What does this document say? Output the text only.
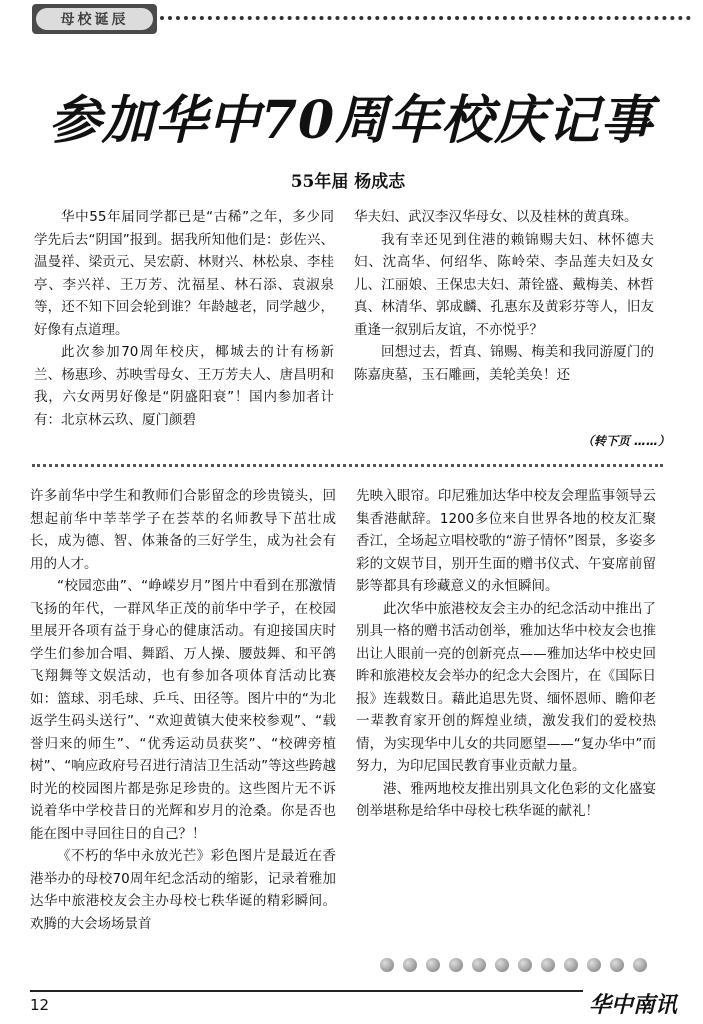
母校诞辰
参加华中70周年校庆记事
55年届 杨成志

华中55年届同学都已是“古稀”之年，多少同学先后去“阴国”报到。据我所知他们是：彭佐兴、温曼祥、梁贡元、吴宏蔚、林财兴、林松泉、李桂亭、李兴祥、王万芳、沈福星、林石添、袁淑泉等，还不知下回会轮到谁？年龄越老，同学越少，好像有点道理。

此次参加70周年校庆，椰城去的计有杨新兰、杨惠珍、苏映雪母女、王万芳夫人、唐昌明和我，六女两男好像是“阴盛阳衰”！国内参加者计有：北京林云玖、厦门颜碧

华夫妇、武汉李汉华母女、以及桂林的黄真珠。

我有幸还见到住港的赖锦赐夫妇、林怀德夫妇、沈高华、何绍华、陈岭荣、李品莲夫妇及女儿、江丽娘、王保忠夫妇、萧铨盛、戴梅美、林哲真、林清华、郭成麟、孔惠东及黄彩芬等人，旧友重逢一叙别后友谊，不亦悦乎？

回想过去，哲真、锦赐、梅美和我同游厦门的陈嘉庚墓，玉石雕画，美轮美奂！还

（转下页 ……）

许多前华中学生和教师们合影留念的珍贵镜头，回想起前华中莘莘学子在荟萃的名师教导下茁壮成长，成为德、智、体兼备的三好学生，成为社会有用的人才。

“校园恋曲”、“峥嵘岁月”图片中看到在那激情飞扬的年代，一群风华正茂的前华中学子，在校园里展开各项有益于身心的健康活动。有迎接国庆时学生们参加合唱、舞蹈、万人操、腰鼓舞、和平鸽飞翔舞等文娱活动，也有参加各项体育活动比赛如：篮球、羽毛球、乒乓、田径等。图片中的“为北返学生码头送行”、“欢迎黄镇大使来校参观”、“载誉归来的师生”、“优秀运动员获奖”、“校碑旁植树”、“响应政府号召进行清洁卫生活动”等这些跨越时光的校园图片都是弥足珍贵的。这些图片无不诉说着华中学校昔日的光辉和岁月的沧桑。你是否也能在图中寻回往日的自己？！

《不朽的华中永放光芒》彩色图片是最近在香港举办的母校70周年纪念活动的缩影，记录着雅加达华中旅港校友会主办母校七秩华诞的精彩瞬间。欢腾的大会场场景首

先映入眼帘。印尼雅加达华中校友会理监事领导云集香港献辞。1200多位来自世界各地的校友汇聚香江，全场起立唱校歌的“游子情怀”图景，多姿多彩的文娱节目，别开生面的赠书仪式、午宴席前留影等都具有珍藏意义的永恒瞬间。

此次华中旅港校友会主办的纪念活动中推出了别具一格的赠书活动创举，雅加达华中校友会也推出让人眼前一亮的创新亮点——雅加达华中校史回眸和旅港校友会举办的纪念大会图片，在《国际日报》连载数日。藉此追思先贤、缅怀恩师、瞻仰老一辈教育家开创的辉煌业绩，激发我们的爱校热情，为实现华中儿女的共同愿望——“复办华中”而努力，为印尼国民教育事业贡献力量。

港、雅两地校友推出别具文化色彩的文化盛宴创举堪称是给华中母校七秩华诞的献礼！

12	华中南讯
